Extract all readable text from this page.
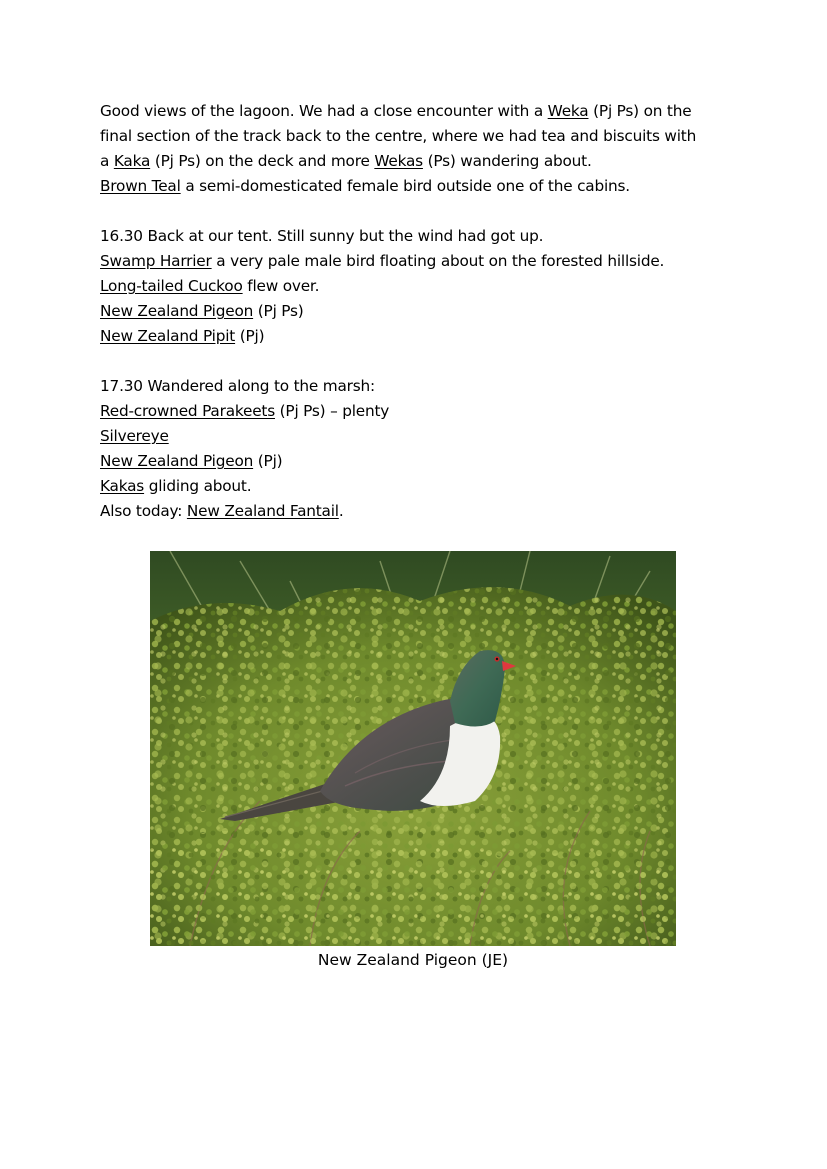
Good views of the lagoon. We had a close encounter with a Weka (Pj Ps) on the
final section of the track back to the centre, where we had tea and biscuits with
a Kaka (Pj Ps) on the deck and more Wekas (Ps) wandering about.
Brown Teal a semi-domesticated female bird outside one of the cabins.
16.30 Back at our tent. Still sunny but the wind had got up.
Swamp Harrier a very pale male bird floating about on the forested hillside.
Long-tailed Cuckoo flew over.
New Zealand Pigeon (Pj Ps)
New Zealand Pipit (Pj)
17.30 Wandered along to the marsh:
Red-crowned Parakeets (Pj Ps) – plenty
Silvereye
New Zealand Pigeon (Pj)
Kakas gliding about.
Also today: New Zealand Fantail.
New Zealand Pigeon (JE)
